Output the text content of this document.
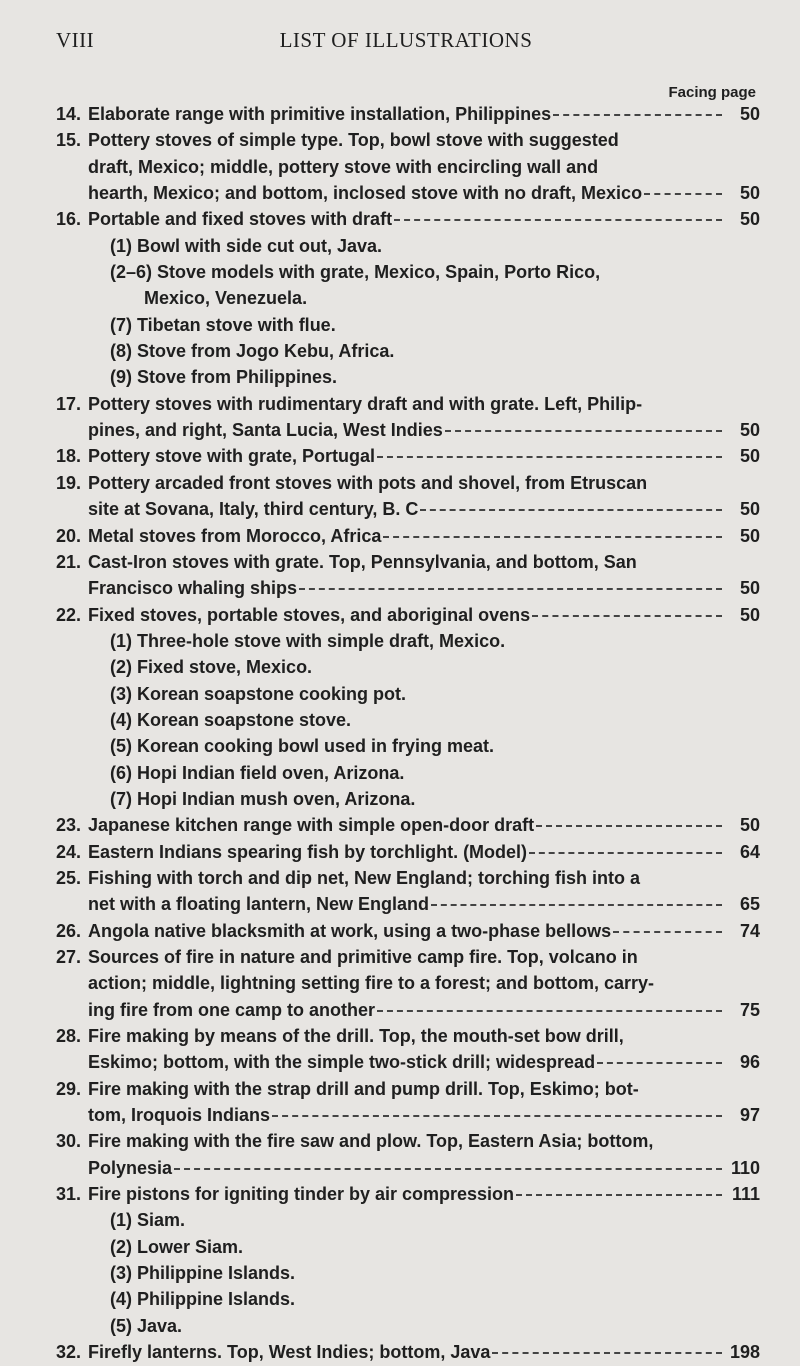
VIII	LIST OF ILLUSTRATIONS
Facing page
14. Elaborate range with primitive installation, Philippines	50
15. Pottery stoves of simple type. Top, bowl stove with suggested
draft, Mexico; middle, pottery stove with encircling wall and
hearth, Mexico; and bottom, inclosed stove with no draft, Mexico	50
16. Portable and fixed stoves with draft	50
(1) Bowl with side cut out, Java.
(2–6) Stove models with grate, Mexico, Spain, Porto Rico,
Mexico, Venezuela.
(7) Tibetan stove with flue.
(8) Stove from Jogo Kebu, Africa.
(9) Stove from Philippines.
17. Pottery stoves with rudimentary draft and with grate. Left, Philip-
pines, and right, Santa Lucia, West Indies	50
18. Pottery stove with grate, Portugal	50
19. Pottery arcaded front stoves with pots and shovel, from Etruscan
site at Sovana, Italy, third century, B. C	50
20. Metal stoves from Morocco, Africa	50
21. Cast-Iron stoves with grate. Top, Pennsylvania, and bottom, San
Francisco whaling ships	50
22. Fixed stoves, portable stoves, and aboriginal ovens	50
(1) Three-hole stove with simple draft, Mexico.
(2) Fixed stove, Mexico.
(3) Korean soapstone cooking pot.
(4) Korean soapstone stove.
(5) Korean cooking bowl used in frying meat.
(6) Hopi Indian field oven, Arizona.
(7) Hopi Indian mush oven, Arizona.
23. Japanese kitchen range with simple open-door draft	50
24. Eastern Indians spearing fish by torchlight. (Model)	64
25. Fishing with torch and dip net, New England; torching fish into a
net with a floating lantern, New England	65
26. Angola native blacksmith at work, using a two-phase bellows	74
27. Sources of fire in nature and primitive camp fire. Top, volcano in
action; middle, lightning setting fire to a forest; and bottom, carry-
ing fire from one camp to another	75
28. Fire making by means of the drill. Top, the mouth-set bow drill,
Eskimo; bottom, with the simple two-stick drill; widespread	96
29. Fire making with the strap drill and pump drill. Top, Eskimo; bot-
tom, Iroquois Indians	97
30. Fire making with the fire saw and plow. Top, Eastern Asia; bottom,
Polynesia	110
31. Fire pistons for igniting tinder by air compression	111
(1) Siam.
(2) Lower Siam.
(3) Philippine Islands.
(4) Philippine Islands.
(5) Java.
32. Firefly lanterns. Top, West Indies; bottom, Java	198
